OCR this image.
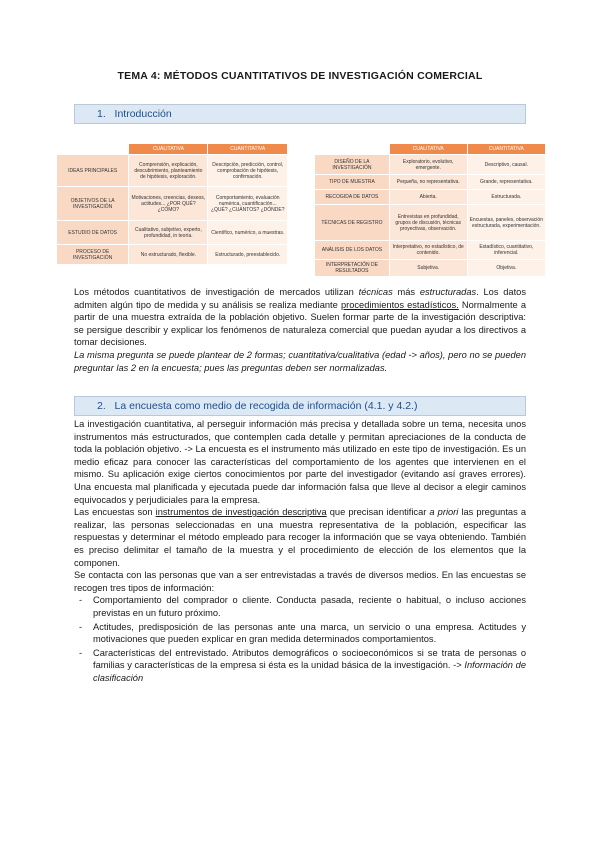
TEMA 4: MÉTODOS CUANTITATIVOS DE INVESTIGACIÓN COMERCIAL
1. Introducción
	CUALITATIVA	CUANTITATIVA
IDEAS PRINCIPALES	Comprensión, explicación, descubrimiento, planteamiento de hipótesis, exploración.	Descripción, predicción, control, comprobación de hipótesis, confirmación.
OBJETIVOS DE LA INVESTIGACIÓN	Motivaciones, creencias, deseos, actitudes... ¿POR QUÉ? ¿CÓMO?	Comportamiento, evaluación numérica, cuantificación... ¿QUÉ? ¿CUÁNTOS? ¿DÓNDE?
ESTUDIO DE DATOS	Cualitativo, subjetivo, experto, profundidad, in teoría.	Científico, numérico, a muestras.
PROCESO DE INVESTIGACIÓN	No estructurado, flexible.	Estructurado, preestablecido.
	CUALITATIVA	CUANTITATIVA
DISEÑO DE LA INVESTIGACIÓN	Exploratorio, evolutivo, emergente.	Descriptivo, causal.
TIPO DE MUESTRA	Pequeña, no representativa.	Grande, representativa.
RECOGIDA DE DATOS	Abierta.	Estructurada.
TÉCNICAS DE REGISTRO	Entrevistas en profundidad, grupos de discusión, técnicas proyectivas, observación.	Encuestas, paneles, observación estructurada, experimentación.
ANÁLISIS DE LOS DATOS	Interpretativo, no estadístico, de contenido.	Estadístico, cuantitativo, inferencial.
INTERPRETACIÓN DE RESULTADOS	Subjetiva.	Objetiva.

Los métodos cuantitativos de investigación de mercados utilizan técnicas más estructuradas. Los datos admiten algún tipo de medida y su análisis se realiza mediante procedimientos estadísticos. Normalmente a partir de una muestra extraída de la población objetivo. Suelen formar parte de la investigación descriptiva: se persigue describir y explicar los fenómenos de naturaleza comercial que puedan ayudar a los directivos a tomar decisiones.

La misma pregunta se puede plantear de 2 formas; cuantitativa/cualitativa (edad -> años), pero no se pueden preguntar las 2 en la encuesta; pues las preguntas deben ser normalizadas.

2. La encuesta como medio de recogida de información (4.1. y 4.2.)

La investigación cuantitativa, al perseguir información más precisa y detallada sobre un tema, necesita unos instrumentos más estructurados, que contemplen cada detalle y permitan apreciaciones de la conducta de toda la población objetivo. -> La encuesta es el instrumento más utilizado en este tipo de investigación. Es un medio eficaz para conocer las características del comportamiento de los agentes que intervienen en el mismo. Su aplicación exige ciertos conocimientos por parte del investigador (evitando así graves errores). Una encuesta mal planificada y ejecutada puede dar información falsa que lleve al decisor a elegir caminos equivocados y perjudiciales para la empresa.

Las encuestas son instrumentos de investigación descriptiva que precisan identificar a priori las preguntas a realizar, las personas seleccionadas en una muestra representativa de la población, especificar las respuestas y determinar el método empleado para recoger la información que se vaya obteniendo. También es preciso delimitar el tamaño de la muestra y el procedimiento de elección de los elementos que la componen.

Se contacta con las personas que van a ser entrevistadas a través de diversos medios. En las encuestas se recogen tres tipos de información:

- Comportamiento del comprador o cliente. Conducta pasada, reciente o habitual, o incluso acciones previstas en un futuro próximo.
- Actitudes, predisposición de las personas ante una marca, un servicio o una empresa. Actitudes y motivaciones que pueden explicar en gran medida determinados comportamientos.
- Características del entrevistado. Atributos demográficos o socioeconómicos si se trata de personas o familias y características de la empresa si ésta es la unidad básica de la investigación. -> Información de clasificación
